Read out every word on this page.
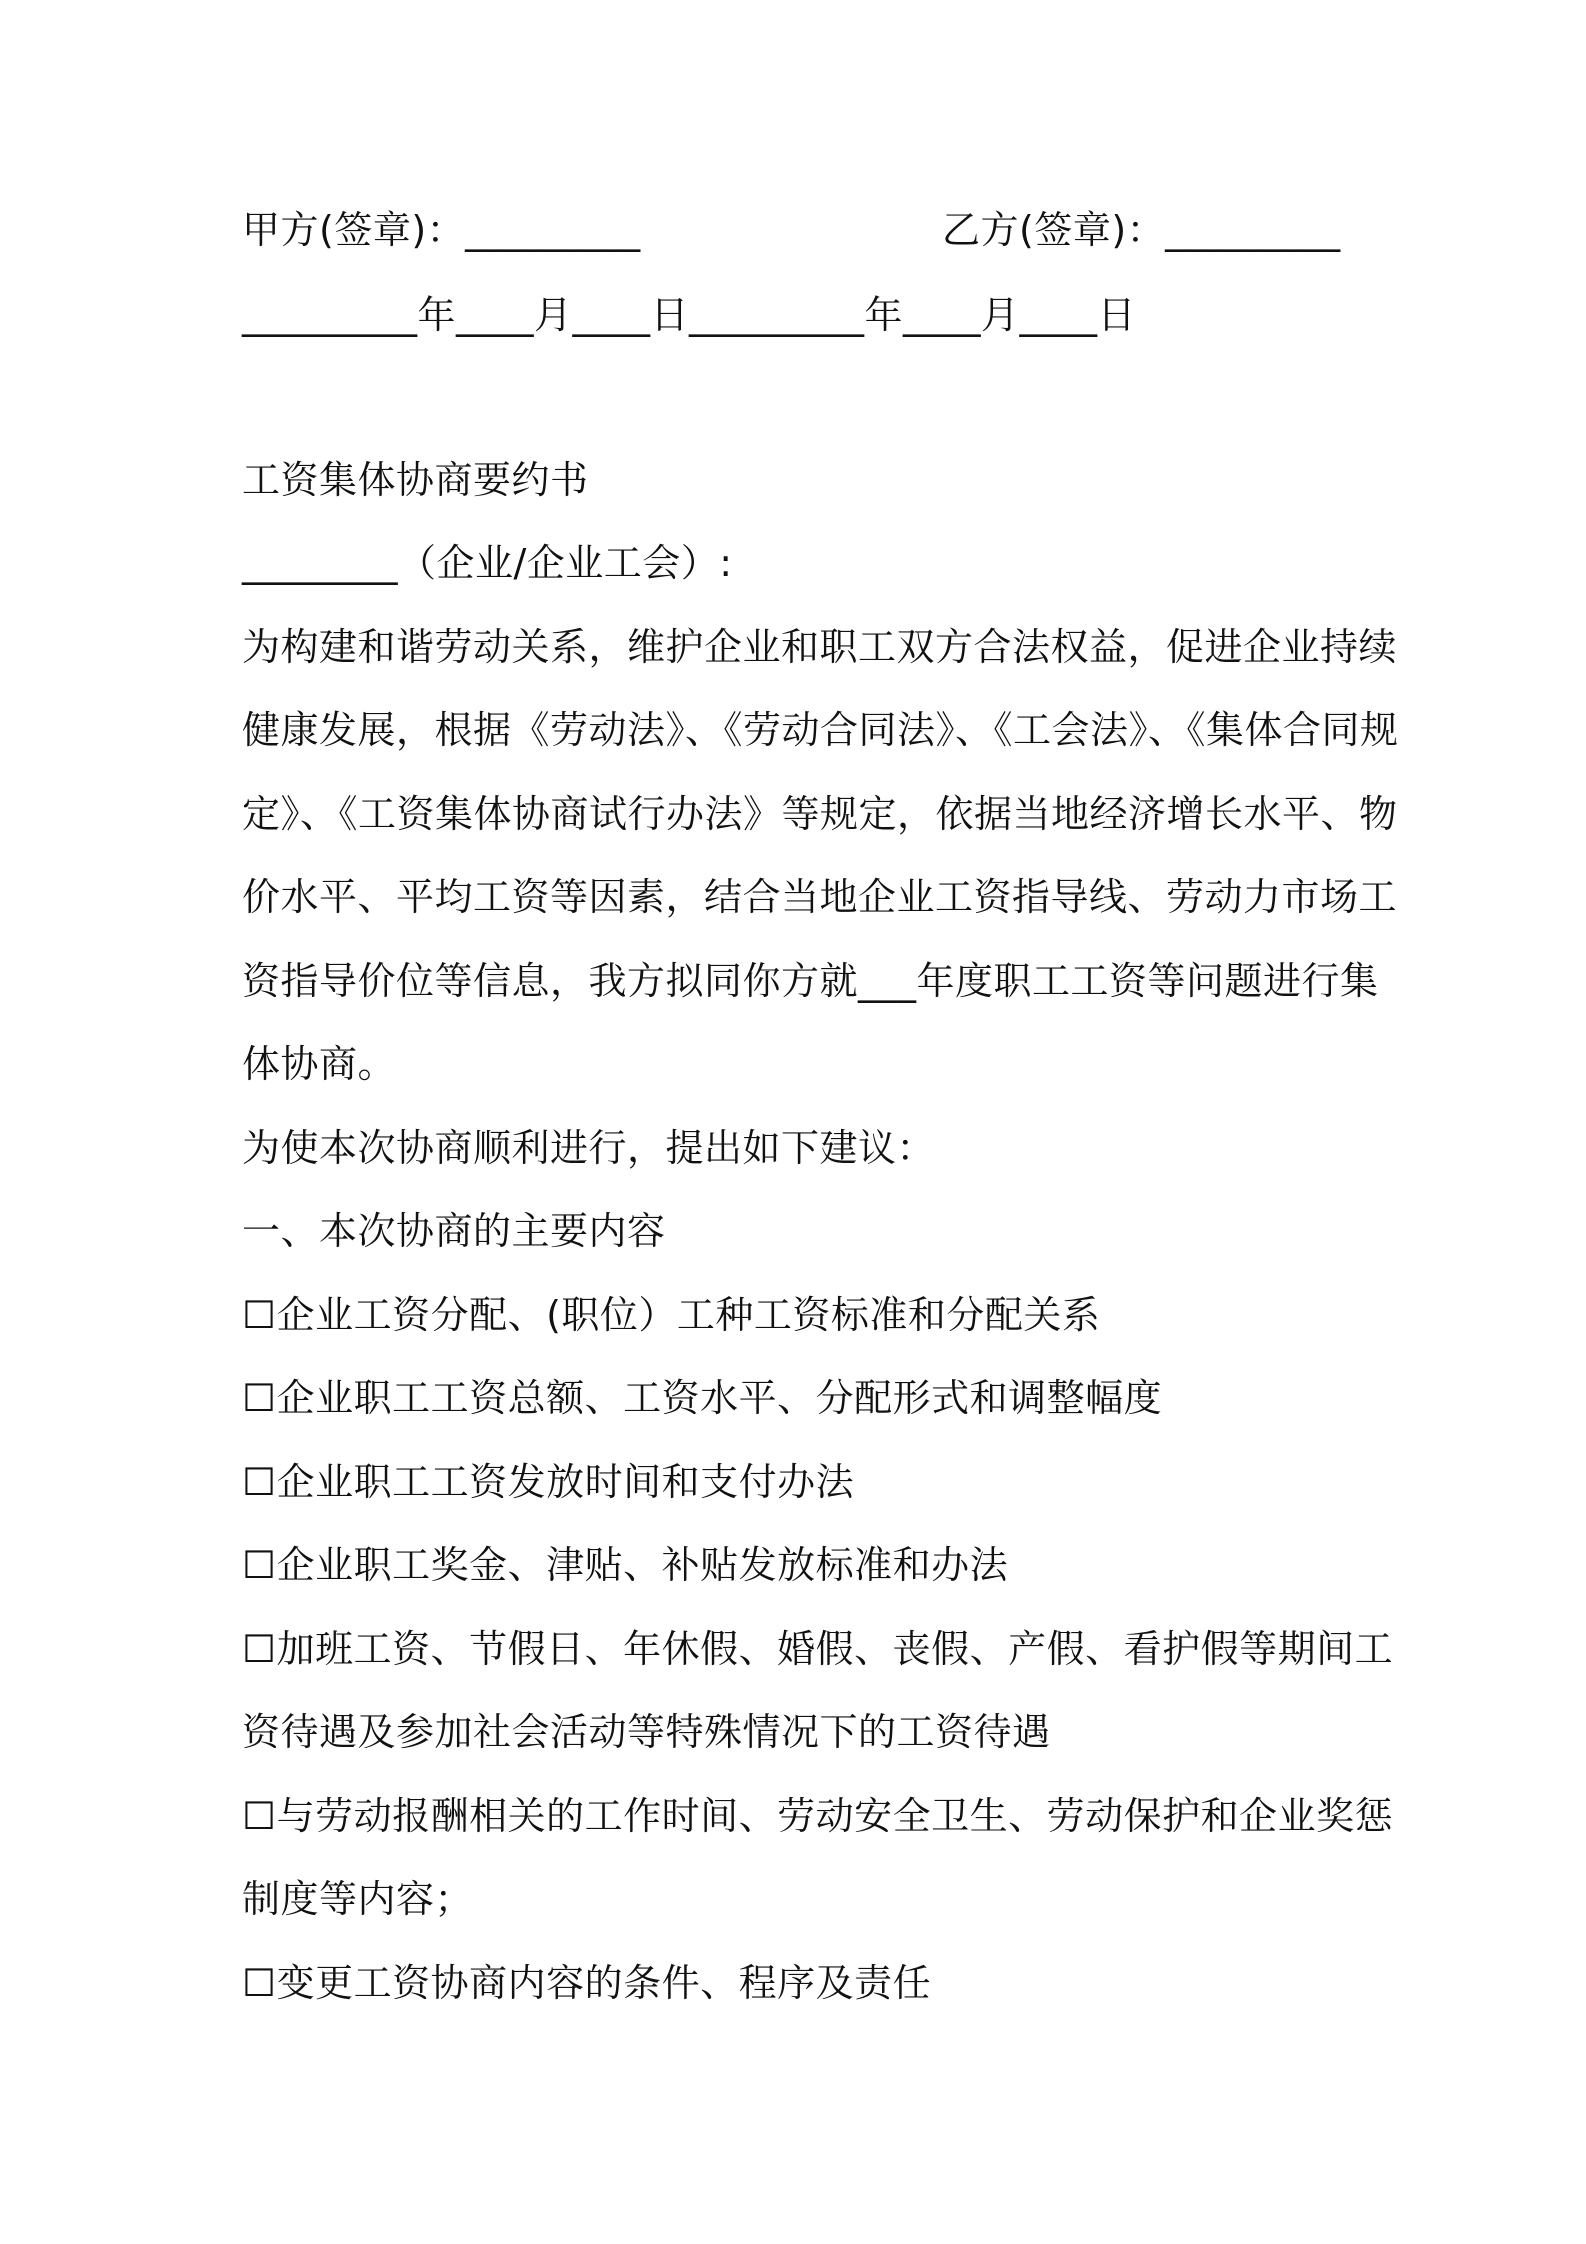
甲方(签章)：_________	乙方(签章)：_________
_________年____月____日_________年____月____日
工资集体协商要约书
________（企业/企业工会）:
为构建和谐劳动关系，维护企业和职工双方合法权益，促进企业持续
健康发展，根据《劳动法》、《劳动合同法》、《工会法》、《集体合同规
定》、《工资集体协商试行办法》等规定，依据当地经济增长水平、物
价水平、平均工资等因素，结合当地企业工资指导线、劳动力市场工
资指导价位等信息，我方拟同你方就___年度职工工资等问题进行集
体协商。
为使本次协商顺利进行，提出如下建议：
一、本次协商的主要内容
☐企业工资分配、(职位）工种工资标准和分配关系
☐企业职工工资总额、工资水平、分配形式和调整幅度
☐企业职工工资发放时间和支付办法
☐企业职工奖金、津贴、补贴发放标准和办法
☐加班工资、节假日、年休假、婚假、丧假、产假、看护假等期间工
资待遇及参加社会活动等特殊情况下的工资待遇
☐与劳动报酬相关的工作时间、劳动安全卫生、劳动保护和企业奖惩
制度等内容；
☐变更工资协商内容的条件、程序及责任
